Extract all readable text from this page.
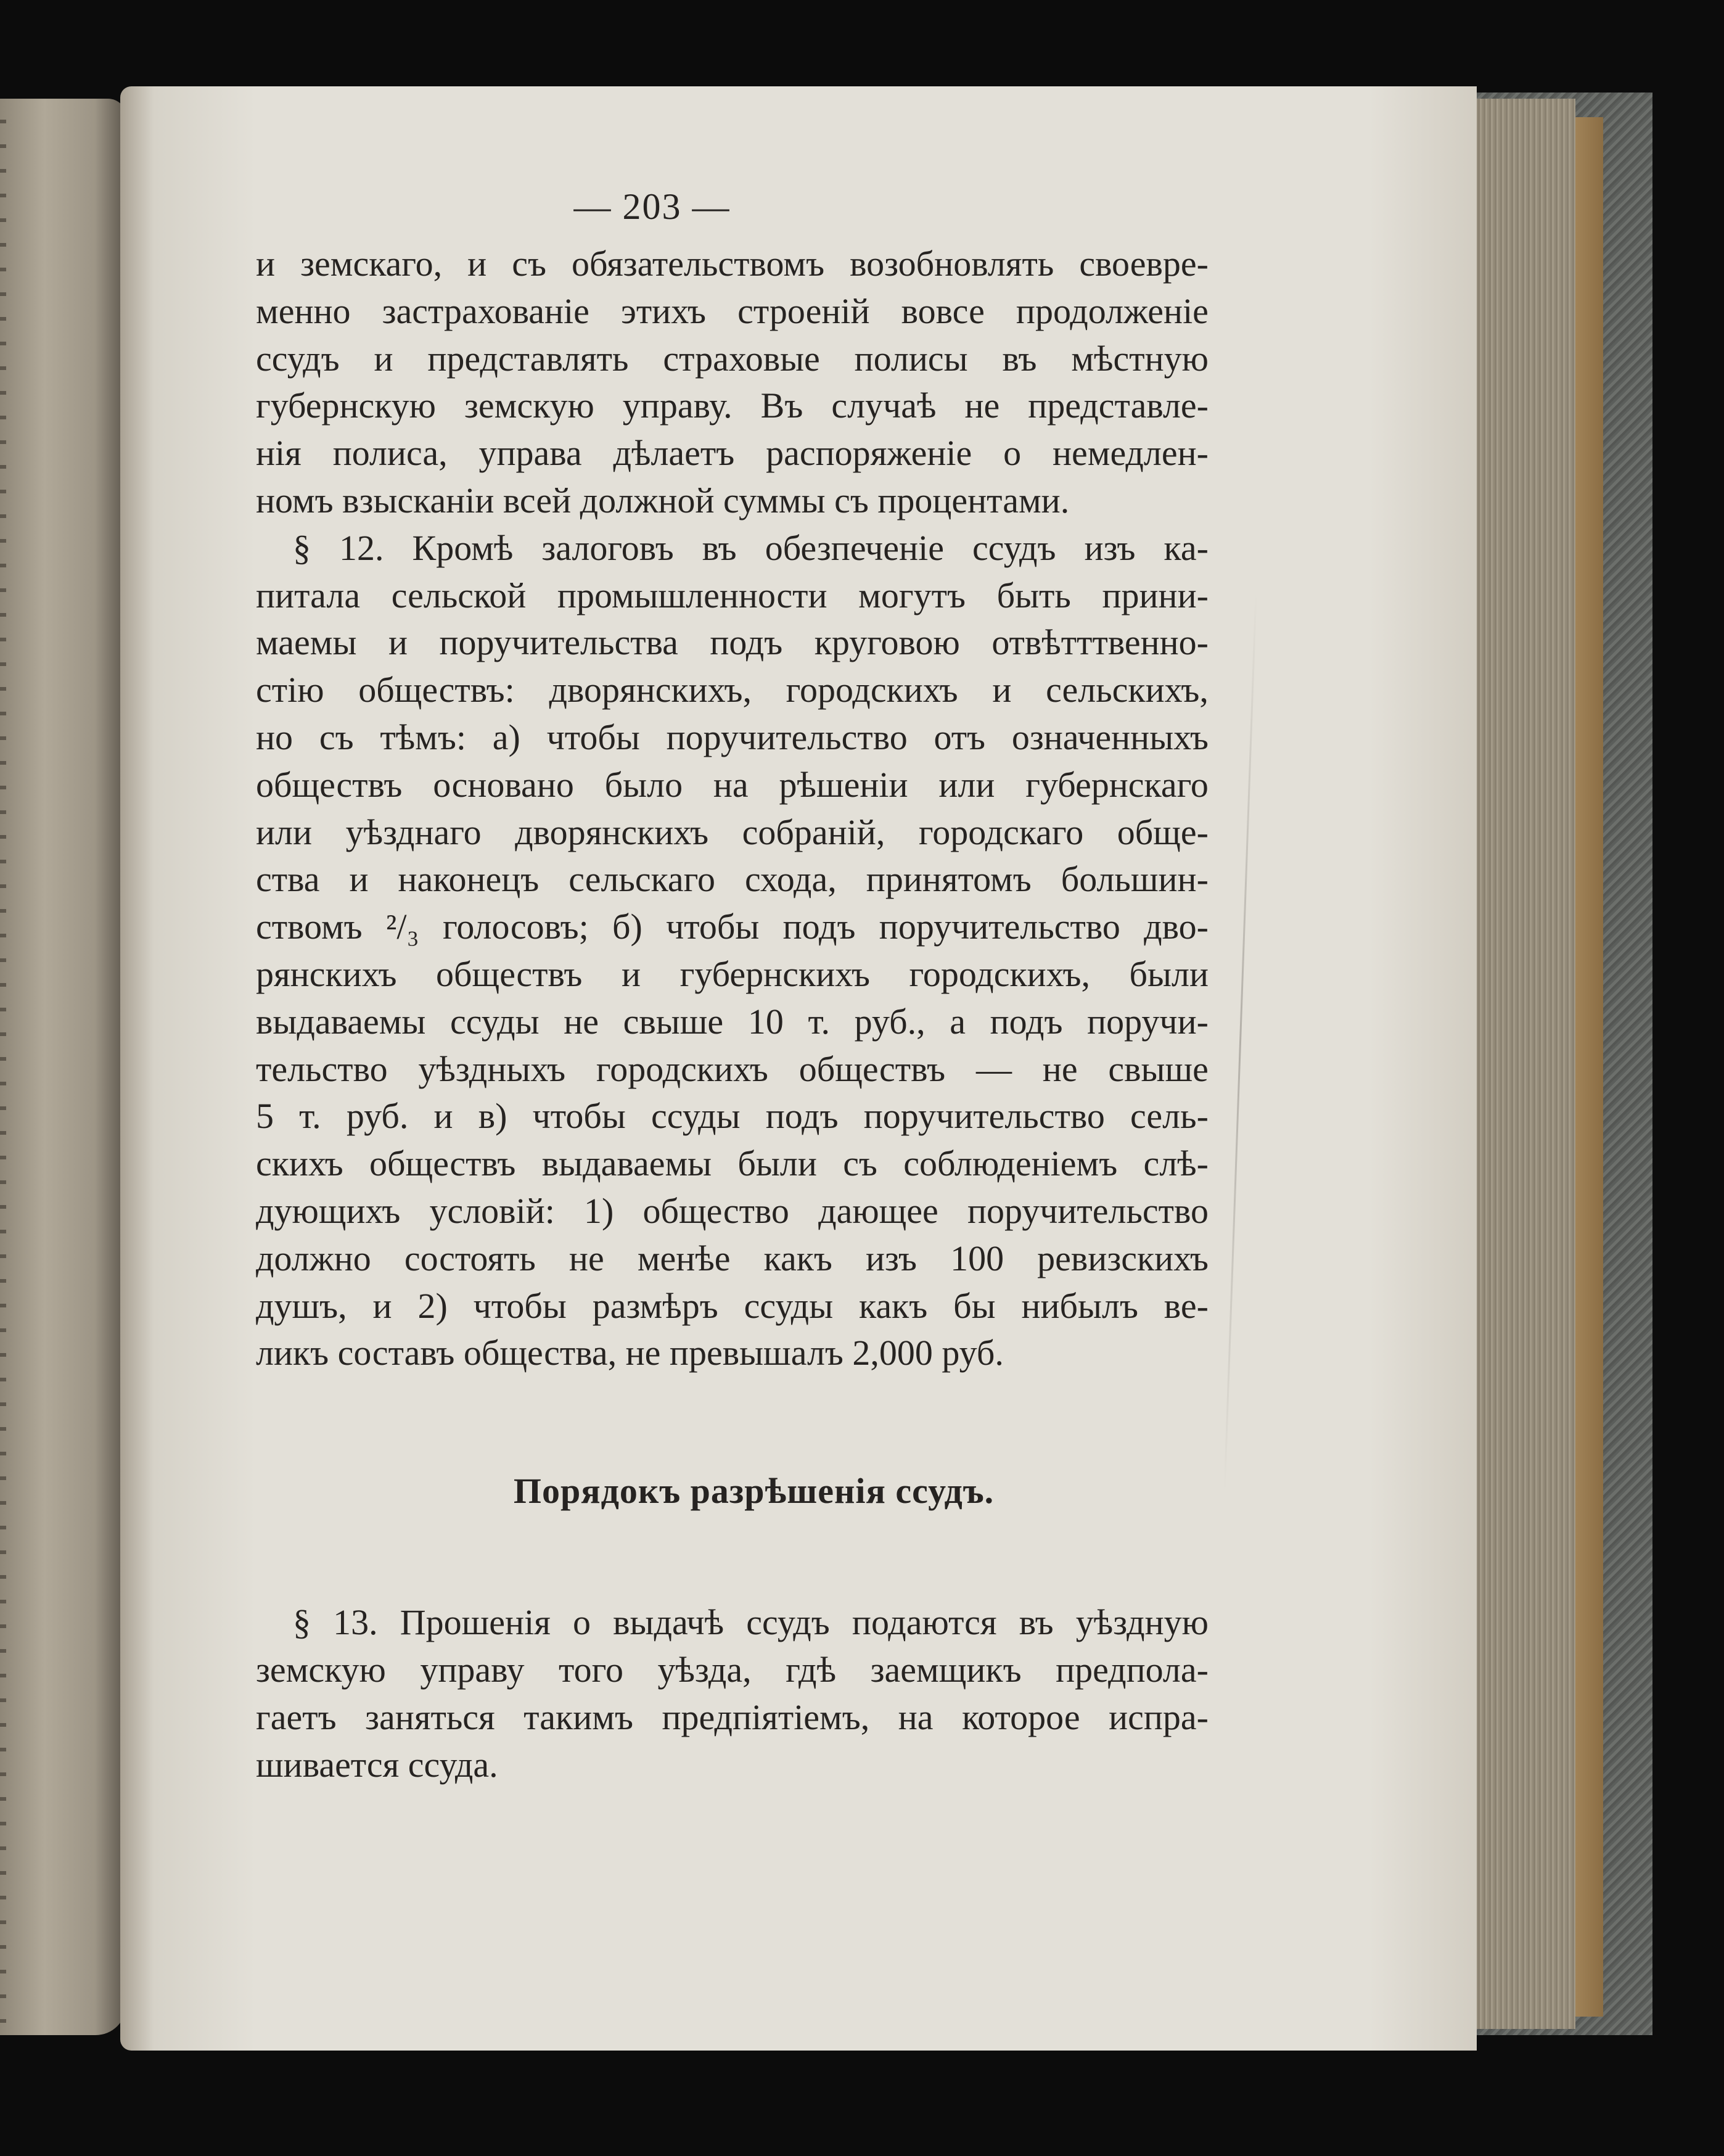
— 203 —
и земскаго, и съ обязательствомъ возобновлять своевре-
менно застрахованіе этихъ строеній вовсе продолженіе
ссудъ и представлять страховые полисы въ мѣстную
губернскую земскую управу. Въ случаѣ не представле-
нія полиса, управа дѣлаетъ распоряженіе о немедлен-
номъ взысканіи всей должной суммы съ процентами.
§ 12. Кромѣ залоговъ въ обезпеченіе ссудъ изъ ка-
питала сельской промышленности могутъ быть прини-
маемы и поручительства подъ круговою отвѣтттвенно-
стію обществъ: дворянскихъ, городскихъ и сельскихъ,
но съ тѣмъ: а) чтобы поручительство отъ означенныхъ
обществъ основано было на рѣшеніи или губернскаго
или уѣзднаго дворянскихъ собраній, городскаго обще-
ства и наконецъ сельскаго схода, принятомъ большин-
ствомъ ²/₃ голосовъ; б) чтобы подъ поручительство дво-
рянскихъ обществъ и губернскихъ городскихъ, были
выдаваемы ссуды не свыше 10 т. руб., а подъ поручи-
тельство уѣздныхъ городскихъ обществъ — не свыше
5 т. руб. и в) чтобы ссуды подъ поручительство сель-
скихъ обществъ выдаваемы были съ соблюденіемъ слѣ-
дующихъ условій: 1) общество дающее поручительство
должно состоять не менѣе какъ изъ 100 ревизскихъ
душъ, и 2) чтобы размѣръ ссуды какъ бы нибылъ ве-
ликъ составъ общества, не превышалъ 2,000 руб.
Порядокъ разрѣшенія ссудъ.
§ 13. Прошенія о выдачѣ ссудъ подаются въ уѣздную
земскую управу того уѣзда, гдѣ заемщикъ предпола-
гаетъ заняться такимъ предпіятіемъ, на которое испра-
шивается ссуда.
